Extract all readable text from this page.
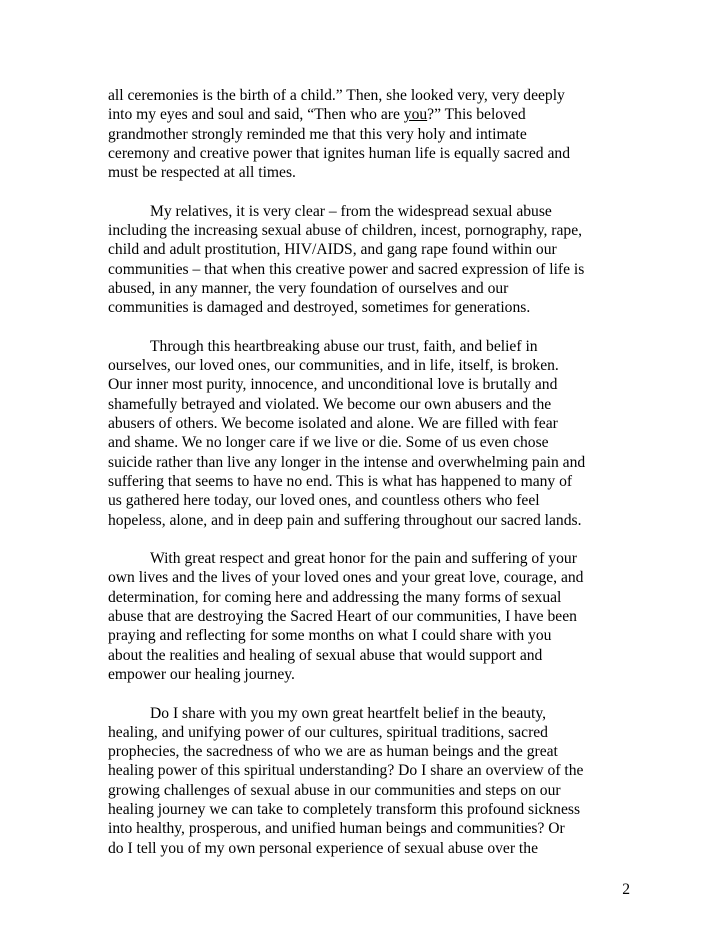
all ceremonies is the birth of a child.” Then, she looked very, very deeply
into my eyes and soul and said, “Then who are you?” This beloved
grandmother strongly reminded me that this very holy and intimate
ceremony and creative power that ignites human life is equally sacred and
must be respected at all times.
My relatives, it is very clear – from the widespread sexual abuse
including the increasing sexual abuse of children, incest, pornography, rape,
child and adult prostitution, HIV/AIDS, and gang rape found within our
communities – that when this creative power and sacred expression of life is
abused, in any manner, the very foundation of ourselves and our
communities is damaged and destroyed, sometimes for generations.
Through this heartbreaking abuse our trust, faith, and belief in
ourselves, our loved ones, our communities, and in life, itself, is broken.
Our inner most purity, innocence, and unconditional love is brutally and
shamefully betrayed and violated. We become our own abusers and the
abusers of others. We become isolated and alone. We are filled with fear
and shame. We no longer care if we live or die. Some of us even chose
suicide rather than live any longer in the intense and overwhelming pain and
suffering that seems to have no end. This is what has happened to many of
us gathered here today, our loved ones, and countless others who feel
hopeless, alone, and in deep pain and suffering throughout our sacred lands.
With great respect and great honor for the pain and suffering of your
own lives and the lives of your loved ones and your great love, courage, and
determination, for coming here and addressing the many forms of sexual
abuse that are destroying the Sacred Heart of our communities, I have been
praying and reflecting for some months on what I could share with you
about the realities and healing of sexual abuse that would support and
empower our healing journey.
Do I share with you my own great heartfelt belief in the beauty,
healing, and unifying power of our cultures, spiritual traditions, sacred
prophecies, the sacredness of who we are as human beings and the great
healing power of this spiritual understanding? Do I share an overview of the
growing challenges of sexual abuse in our communities and steps on our
healing journey we can take to completely transform this profound sickness
into healthy, prosperous, and unified human beings and communities? Or
do I tell you of my own personal experience of sexual abuse over the
2
